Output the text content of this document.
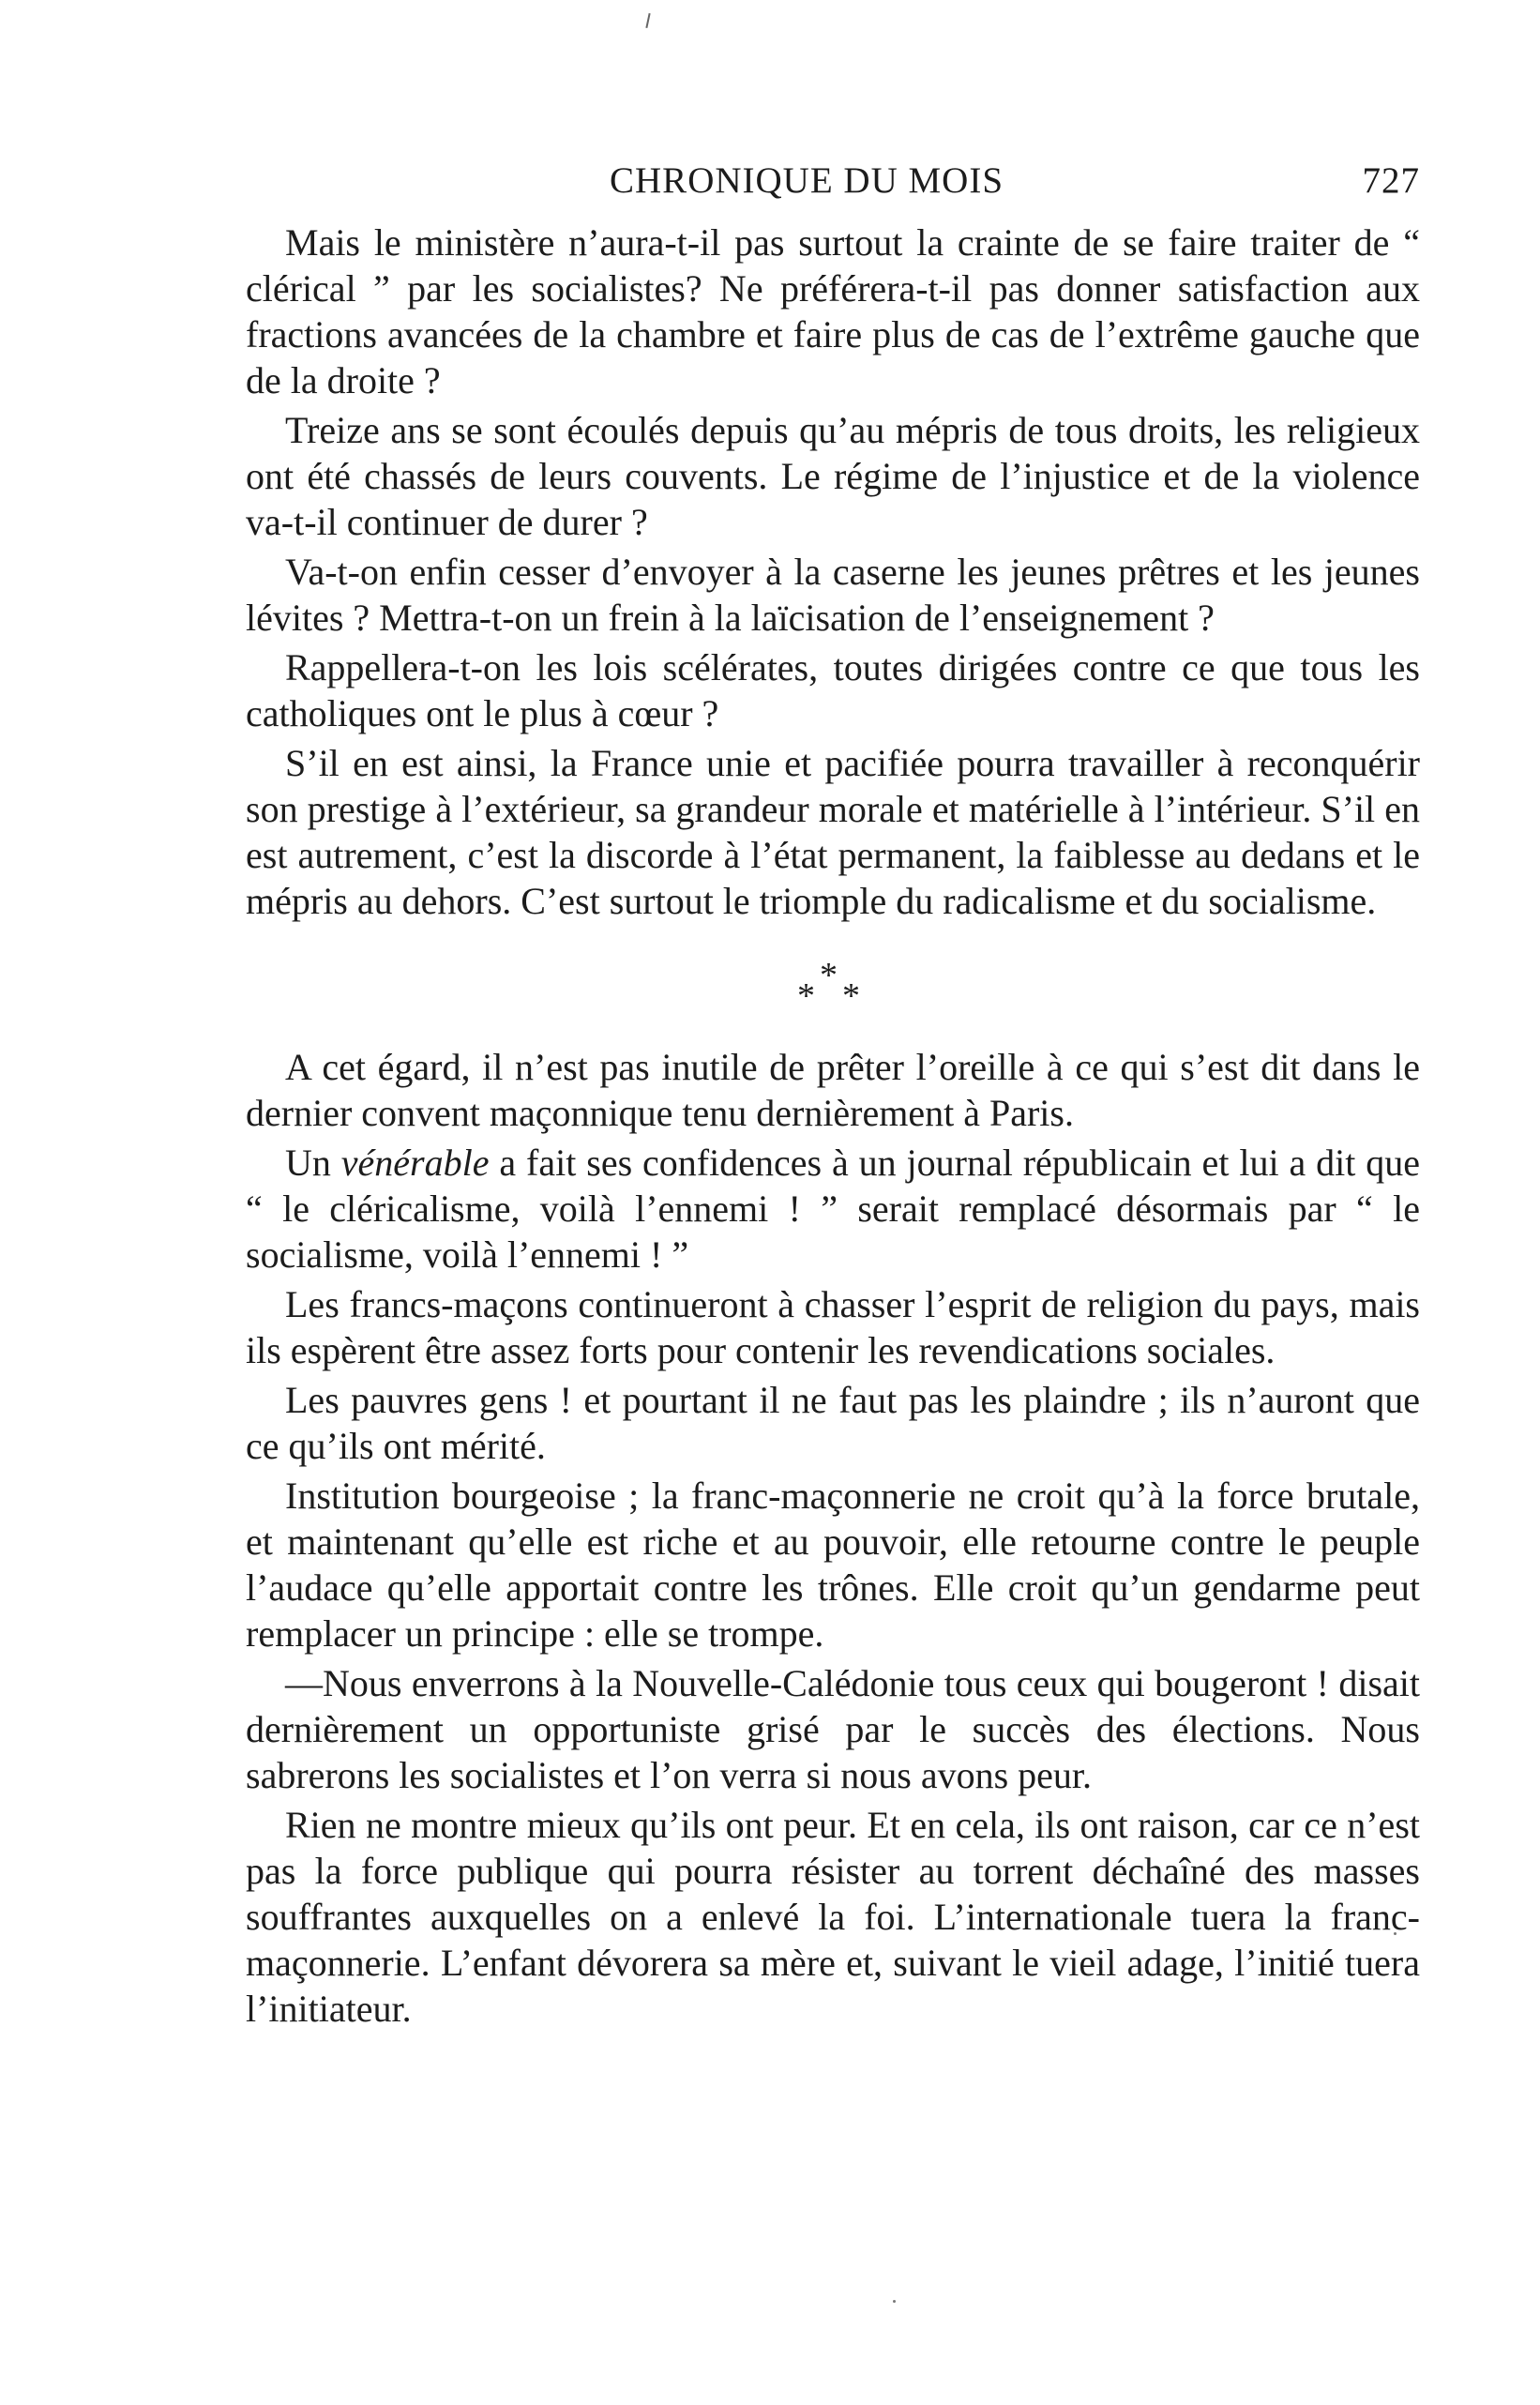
CHRONIQUE DU MOIS	727

Mais le ministère n’aura-t-il pas surtout la crainte de se faire traiter de “ clérical ” par les socialistes? Ne préférera-t-il pas donner satisfaction aux fractions avancées de la chambre et faire plus de cas de l’extrême gauche que de la droite ?

Treize ans se sont écoulés depuis qu’au mépris de tous droits, les religieux ont été chassés de leurs couvents. Le régime de l’injustice et de la violence va-t-il continuer de durer ?

Va-t-on enfin cesser d’envoyer à la caserne les jeunes prêtres et les jeunes lévites ? Mettra-t-on un frein à la laïcisation de l’enseignement ?

Rappellera-t-on les lois scélérates, toutes dirigées contre ce que tous les catholiques ont le plus à cœur ?

S’il en est ainsi, la France unie et pacifiée pourra travailler à reconquérir son prestige à l’extérieur, sa grandeur morale et matérielle à l’intérieur. S’il en est autrement, c’est la discorde à l’état permanent, la faiblesse au dedans et le mépris au dehors. C’est surtout le triomple du radicalisme et du socialisme.

*
* *

A cet égard, il n’est pas inutile de prêter l’oreille à ce qui s’est dit dans le dernier convent maçonnique tenu dernièrement à Paris.

Un vénérable a fait ses confidences à un journal républicain et lui a dit que “ le cléricalisme, voilà l’ennemi ! ” serait remplacé désormais par “ le socialisme, voilà l’ennemi ! ”

Les francs-maçons continueront à chasser l’esprit de religion du pays, mais ils espèrent être assez forts pour contenir les revendications sociales.

Les pauvres gens ! et pourtant il ne faut pas les plaindre ; ils n’auront que ce qu’ils ont mérité.

Institution bourgeoise ; la franc-maçonnerie ne croit qu’à la force brutale, et maintenant qu’elle est riche et au pouvoir, elle retourne contre le peuple l’audace qu’elle apportait contre les trônes. Elle croit qu’un gendarme peut remplacer un principe : elle se trompe.

—Nous enverrons à la Nouvelle-Calédonie tous ceux qui bougeront ! disait dernièrement un opportuniste grisé par le succès des élections. Nous sabrerons les socialistes et l’on verra si nous avons peur.

Rien ne montre mieux qu’ils ont peur. Et en cela, ils ont raison, car ce n’est pas la force publique qui pourra résister au torrent déchaîné des masses souffrantes auxquelles on a enlevé la foi. L’internationale tuera la franc-maçonnerie. L’enfant dévorera sa mère et, suivant le vieil adage, l’initié tuera l’initiateur.
